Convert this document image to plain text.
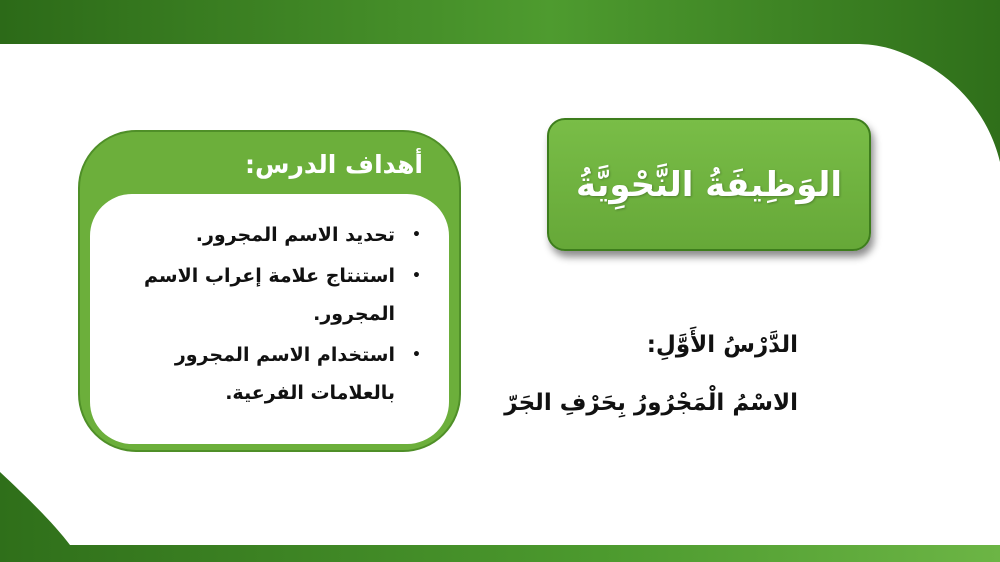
الوَظِيفَةُ النَّحْوِيَّةُ
أهداف الدرس:
•
تحديد الاسم المجرور.
•
استنتاج علامة إعراب الاسم المجرور.
•
استخدام الاسم المجرور بالعلامات الفرعية.
الدَّرْسُ الأَوَّلِ:
الاسْمُ الْمَجْرُورُ بِحَرْفِ الجَرّ
